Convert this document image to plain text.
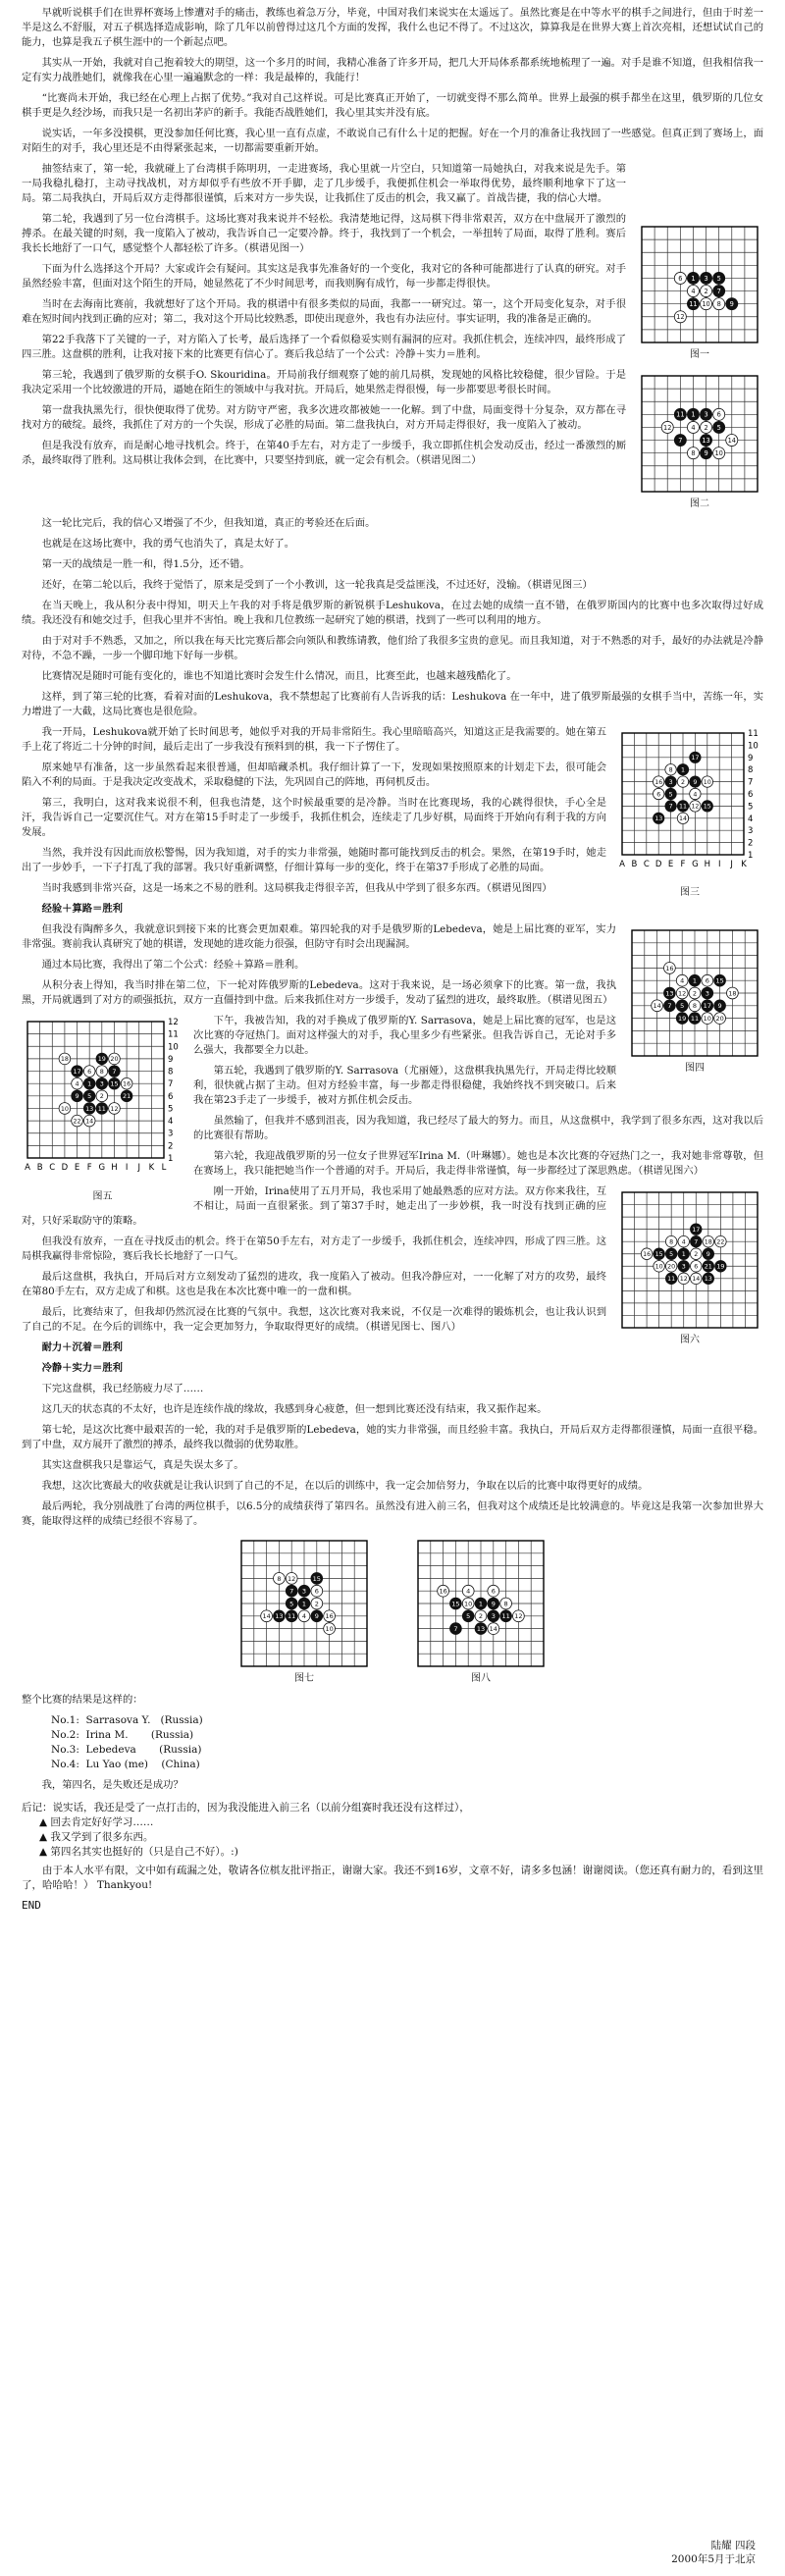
早就听说棋手们在世界杯赛场上惨遭对手的痛击，教练也着急万分，毕竟，中国对我们来说实在太遥远了。虽然比赛是在中等水平的棋手之间进行，但由于时差一半是这么不舒服，对五子棋选择造成影响，除了几年以前曾得过这几个方面的发挥，我什么也记不得了。不过这次，算算我是在世界大赛上首次亮相，还想试试自己的能力，也算是我五子棋生涯中的一个新起点吧。

其实从一开始，我就对自己抱着较大的期望，这一个多月的时间，我精心准备了许多开局，把几大开局体系都系统地梳理了一遍。对手是谁不知道，但我相信我一定有实力战胜她们，就像我在心里一遍遍默念的一样：我是最棒的，我能行！

“比赛尚未开始，我已经在心理上占据了优势。”我对自己这样说。可是比赛真正开始了，一切就变得不那么简单。世界上最强的棋手都坐在这里，俄罗斯的几位女棋手更是久经沙场，而我只是一名初出茅庐的新手。我能否战胜她们，我心里其实并没有底。

说实话，一年多没摸棋，更没参加任何比赛，我心里一直有点虚，不敢说自己有什么十足的把握。好在一个月的准备让我找回了一些感觉。但真正到了赛场上，面对陌生的对手，我心里还是不由得紧张起来，一切都需要重新开始。

1
2
3
4
5
6
7
8 9
10
11
12
图一

抽签结束了，第一轮，我就碰上了台湾棋手陈明玥，一走进赛场，我心里就一片空白，只知道第一局她执白，对我来说是先手。第一局我稳扎稳打，主动寻找战机，对方却似乎有些放不开手脚，走了几步缓手，我便抓住机会一举取得优势，最终顺利地拿下了这一局。第二局我执白，开局后双方走得都很谨慎，后来对方一步失误，让我抓住了反击的机会，我又赢了。首战告捷，我的信心大增。

第二轮，我遇到了另一位台湾棋手。这场比赛对我来说并不轻松。我清楚地记得，这局棋下得非常艰苦，双方在中盘展开了激烈的搏杀。在最关键的时刻，我一度陷入了被动，我告诉自己一定要冷静。终于，我找到了一个机会，一举扭转了局面，取得了胜利。赛后我长长地舒了一口气，感觉整个人都轻松了许多。（棋谱见图一）

下面为什么选择这个开局？大家或许会有疑问。其实这是我事先准备好的一个变化，我对它的各种可能都进行了认真的研究。对手虽然经验丰富，但面对这个陌生的开局，她显然花了不少时间思考，而我则胸有成竹，每一步都走得很快。

当时在去海南比赛前，我就想好了这个开局。我的棋谱中有很多类似的局面，我都一一研究过。第一，这个开局变化复杂，对手很难在短时间内找到正确的应对；第二，我对这个开局比较熟悉，即使出现意外，我也有办法应付。事实证明，我的准备是正确的。

第22手我落下了关键的一子，对方陷入了长考，最后选择了一个看似稳妥实则有漏洞的应对。我抓住机会，连续冲四，最终形成了四三胜。这盘棋的胜利，让我对接下来的比赛更有信心了。赛后我总结了一个公式：冷静＋实力＝胜利。

1
2
3
4	5
6
7
8 9 10
11
12
13	14
图二

第三轮，我遇到了俄罗斯的女棋手O. Skouridina。开局前我仔细观察了她的前几局棋，发现她的风格比较稳健，很少冒险。于是我决定采用一个比较激进的开局，逼她在陌生的领域中与我对抗。开局后，她果然走得很慢，每一步都要思考很长时间。

第一盘我执黑先行，很快便取得了优势。对方防守严密，我多次进攻都被她一一化解。到了中盘，局面变得十分复杂，双方都在寻找对方的破绽。最终，我抓住了对方的一个失误，形成了必胜的局面。第二盘我执白，对方开局走得很好，我一度陷入了被动。

但是我没有放弃，而是耐心地寻找机会。终于，在第40手左右，对方走了一步缓手，我立即抓住机会发动反击，经过一番激烈的厮杀，最终取得了胜利。这局棋让我体会到，在比赛中，只要坚持到底，就一定会有机会。（棋谱见图二）

这一轮比完后，我的信心又增强了不少，但我知道，真正的考验还在后面。

也就是在这场比赛中，我的勇气也消失了，真是太好了。

第一天的战绩是一胜一和，得1.5分，还不错。

还好，在第二轮以后，我终于觉悟了，原来是受到了一个小教训，这一轮我真是受益匪浅，不过还好，没输。（棋谱见图三）

在当天晚上，我从积分表中得知，明天上午我的对手将是俄罗斯的新锐棋手Leshukova，在过去她的成绩一直不错，在俄罗斯国内的比赛中也多次取得过好成绩。我还没有和她交过手，但我心里并不害怕。晚上我和几位教练一起研究了她的棋谱，找到了一些可以利用的地方。

由于对对手不熟悉，又加之，所以我在每天比完赛后都会向领队和教练请教，他们给了我很多宝贵的意见。而且我知道，对于不熟悉的对手，最好的办法就是冷静对待，不急不躁，一步一个脚印地下好每一步棋。

比赛情况是随时可能有变化的，谁也不知道比赛时会发生什么情况，而且，比赛至此，也越来越残酷化了。

这样，到了第三轮的比赛，看着对面的Leshukova，我不禁想起了比赛前有人告诉我的话：Leshukova 在一年中，进了俄罗斯最强的女棋手当中，苦练一年，实力增进了一大截，这局比赛也是很危险。

1
2
3
4
5
6
7
8
9 10
11 12
13	14
15
16
17
A
11
B
10
C
9
D
8
E
7
F
6
G
5
H
4
I
3
J
2
K
1
图三

我一开局，Leshukova就开始了长时间思考，她似乎对我的开局非常陌生。我心里暗暗高兴，知道这正是我需要的。她在第五手上花了将近二十分钟的时间，最后走出了一步我没有预料到的棋，我一下子愣住了。

原来她早有准备，这一步虽然看起来很普通，但却暗藏杀机。我仔细计算了一下，发现如果按照原来的计划走下去，很可能会陷入不利的局面。于是我决定改变战术，采取稳健的下法，先巩固自己的阵地，再伺机反击。

第三，我明白，这对我来说很不利，但我也清楚，这个时候最重要的是冷静。当时在比赛现场，我的心跳得很快，手心全是汗，我告诉自己一定要沉住气。对方在第15手时走了一步缓手，我抓住机会，连续走了几步好棋，局面终于开始向有利于我的方向发展。

当然，我并没有因此而放松警惕，因为我知道，对手的实力非常强，她随时都可能找到反击的机会。果然，在第19手时，她走出了一步妙手，一下子打乱了我的部署。我只好重新调整，仔细计算每一步的变化，终于在第37手形成了必胜的局面。

当时我感到非常兴奋，这是一场来之不易的胜利。这局棋我走得很辛苦，但我从中学到了很多东西。（棋谱见图四）

经验＋算路＝胜利

1
2 3
4
5
6
7	8	9
10
11
12
13
14
15
16
17
18
19	20
图四

但我没有陶醉多久，我就意识到接下来的比赛会更加艰难。第四轮我的对手是俄罗斯的Lebedeva，她是上届比赛的亚军，实力非常强。赛前我认真研究了她的棋谱，发现她的进攻能力很强，但防守有时会出现漏洞。

通过本局比赛，我得出了第二个公式：经验＋算路＝胜利。

从积分表上得知，我当时排在第二位，下一轮对阵俄罗斯的Lebedeva。这对于我来说，是一场必须拿下的比赛。第一盘，我执黑，开局就遇到了对方的顽强抵抗，双方一直僵持到中盘。后来我抓住对方一步缓手，发动了猛烈的进攻，最终取胜。（棋谱见图五）

1
2
3
4
5
6	7
8
9
10	11 12
13
14
15 16
17
18	19 20
21
22
A
12
B
11
C
10
D
9
E
8
F
7
G
6
H
5
I
4
J
3
K
2
L
1
图五

下午，我被告知，我的对手换成了俄罗斯的Y. Sarrasova，她是上届比赛的冠军，也是这次比赛的夺冠热门。面对这样强大的对手，我心里多少有些紧张。但我告诉自己，无论对手多么强大，我都要全力以赴。

第五轮，我遇到了俄罗斯的Y. Sarrasova（尤丽娅），这盘棋我执黑先行，开局走得比较顺利，很快就占据了主动。但对方经验丰富，每一步都走得很稳健，我始终找不到突破口。后来我在第23手走了一步缓手，被对方抓住机会反击。

虽然输了，但我并不感到沮丧，因为我知道，我已经尽了最大的努力。而且，从这盘棋中，我学到了很多东西，这对我以后的比赛很有帮助。

第六轮，我迎战俄罗斯的另一位女子世界冠军Irina M.（叶琳娜）。她也是本次比赛的夺冠热门之一，我对她非常尊敬，但在赛场上，我只能把她当作一个普通的对手。开局后，我走得非常谨慎，每一步都经过了深思熟虑。（棋谱见图六）

1 2
3
4
5
6
7
8
9
10
11 12	13
14
15
16
17
18
19
20	21
22
图六

刚一开始，Irina使用了五月开局，我也采用了她最熟悉的应对方法。双方你来我往，互不相让，局面一直很紧张。到了第37手时，她走出了一步妙棋，我一时没有找到正确的应对，只好采取防守的策略。

但我没有放弃，一直在寻找反击的机会。终于在第50手左右，对方走了一步缓手，我抓住机会，连续冲四，形成了四三胜。这局棋我赢得非常惊险，赛后我长长地舒了一口气。

最后这盘棋，我执白，开局后对方立刻发动了猛烈的进攻，我一度陷入了被动。但我冷静应对，一一化解了对方的攻势，最终在第80手左右，双方走成了和棋。这也是我在本次比赛中唯一的一盘和棋。

最后，比赛结束了，但我却仍然沉浸在比赛的气氛中。我想，这次比赛对我来说，不仅是一次难得的锻炼机会，也让我认识到了自己的不足。在今后的训练中，我一定会更加努力，争取取得更好的成绩。（棋谱见图七、图八）

耐力＋沉着＝胜利

冷静＋实力＝胜利

下完这盘棋，我已经筋疲力尽了……

这几天的状态真的不太好，也许是连续作战的缘故，我感到身心疲惫，但一想到比赛还没有结束，我又振作起来。

第七轮，是这次比赛中最艰苦的一轮，我的对手是俄罗斯的Lebedeva，她的实力非常强，而且经验丰富。我执白，开局后双方走得都很谨慎，局面一直很平稳。到了中盘，双方展开了激烈的搏杀，最终我以微弱的优势取胜。

其实这盘棋我只是靠运气，真是失误太多了。

我想，这次比赛最大的收获就是让我认识到了自己的不足，在以后的训练中，我一定会加倍努力，争取在以后的比赛中取得更好的成绩。

最后两轮，我分别战胜了台湾的两位棋手，以6.5分的成绩获得了第四名。虽然没有进入前三名，但我对这个成绩还是比较满意的。毕竟这是我第一次参加世界大赛，能取得这样的成绩已经很不容易了。

1 2
3
4
5
6
7
8
9
10
11
12
13
14
15
16
图七
1
2 3
4
5
6
7
8
9
10
11 12
13 14
15
16
图八

整个比赛的结果是这样的：

No.1:  Sarrasova Y.   (Russia)
No.2:  Irina M.       (Russia)
No.3:  Lebedeva       (Russia)
No.4:  Lu Yao (me)    (China)

我，第四名，是失败还是成功？

后记：说实话，我还是受了一点打击的，因为我没能进入前三名（以前分组赛时我还没有这样过），
▲ 回去肯定好好学习……
▲ 我又学到了很多东西。
▲ 第四名其实也挺好的（只是自己不好）。:)

由于本人水平有限，文中如有疏漏之处，敬请各位棋友批评指正，谢谢大家。我还不到16岁，文章不好，请多多包涵！谢谢阅读。（您还真有耐力的，看到这里了，哈哈哈！） Thankyou!

END
陆耀 四段
2000年5月于北京
